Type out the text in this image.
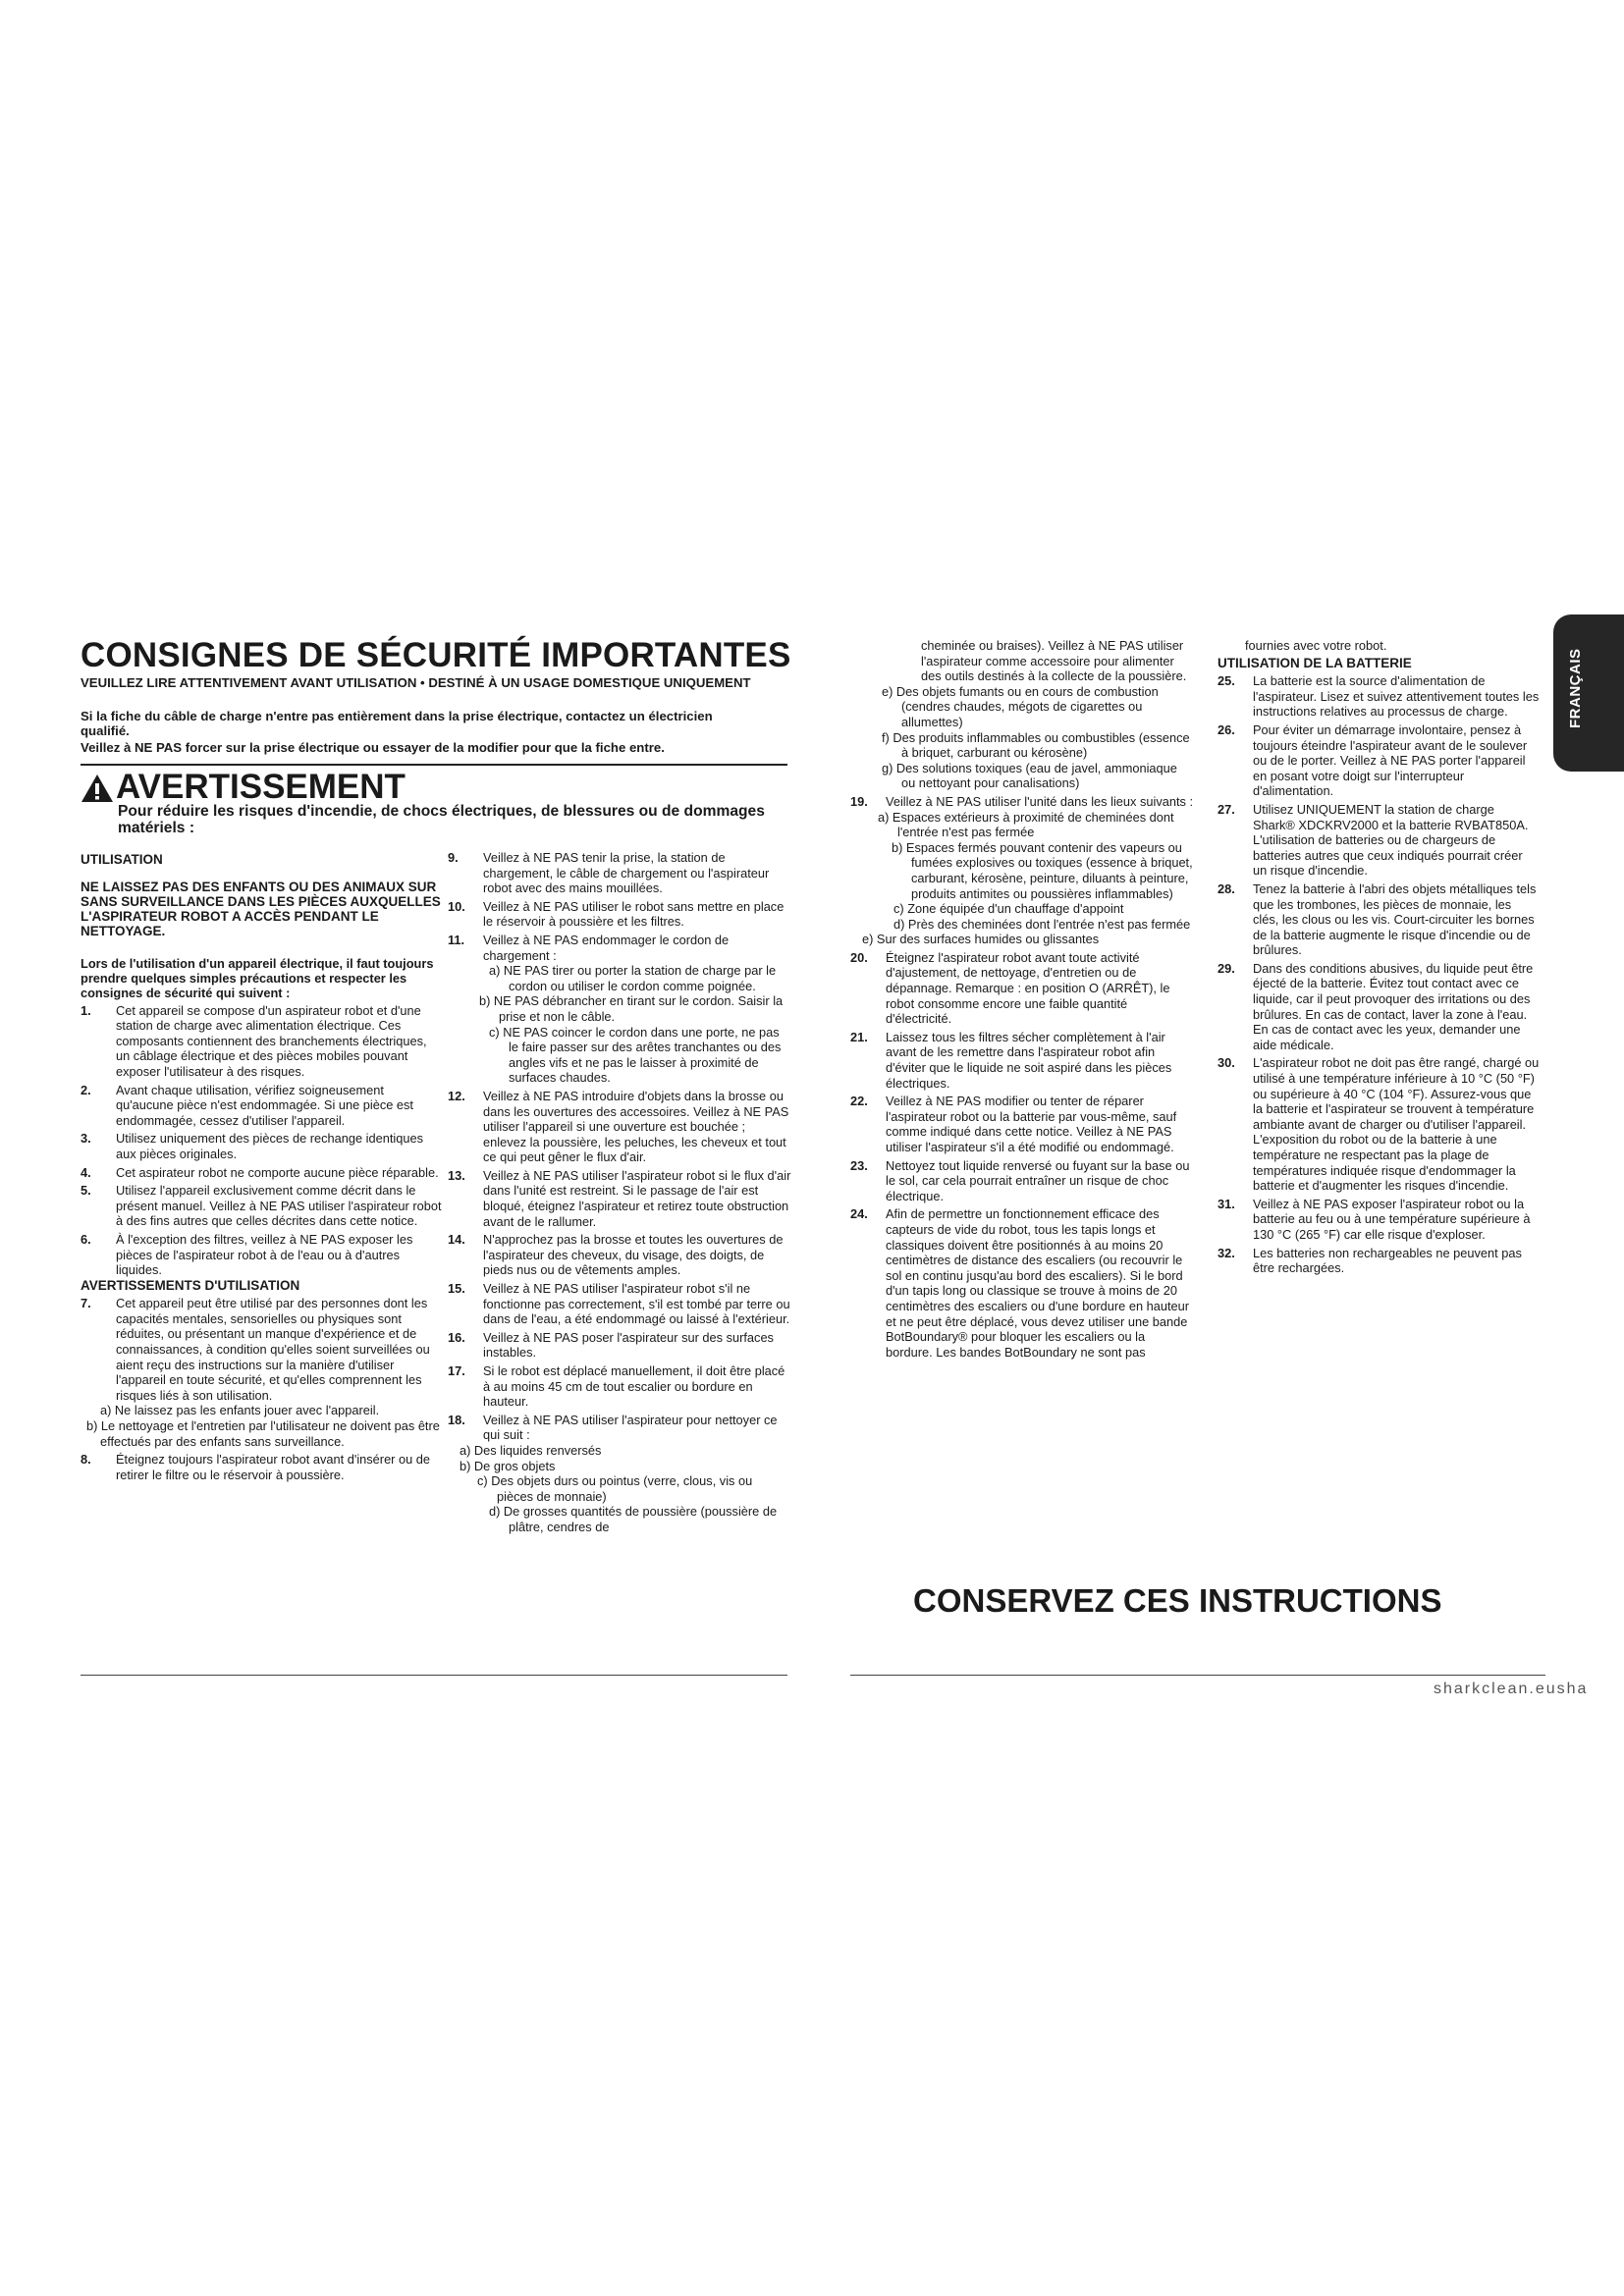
CONSIGNES DE SÉCURITÉ IMPORTANTES
VEUILLEZ LIRE ATTENTIVEMENT AVANT UTILISATION • DESTINÉ À UN USAGE DOMESTIQUE UNIQUEMENT
Si la fiche du câble de charge n'entre pas entièrement dans la prise électrique, contactez un électricien qualifié.
Veillez à NE PAS forcer sur la prise électrique ou essayer de la modifier pour que la fiche entre.
AVERTISSEMENT
Pour réduire les risques d'incendie, de chocs électriques, de blessures ou de dommages matériels :

UTILISATION

NE LAISSEZ PAS DES ENFANTS OU DES ANIMAUX SUR SANS SURVEILLANCE DANS LES PIÈCES AUXQUELLES L'ASPIRATEUR ROBOT A ACCÈS PENDANT LE NETTOYAGE.

Lors de l'utilisation d'un appareil électrique, il faut toujours prendre quelques simples précautions et respecter les consignes de sécurité qui suivent :

1.	Cet appareil se compose d'un aspirateur robot et d'une station de charge avec alimentation électrique. Ces composants contiennent des branchements électriques, un câblage électrique et des pièces mobiles pouvant exposer l'utilisateur à des risques.
2.	Avant chaque utilisation, vérifiez soigneusement qu'aucune pièce n'est endommagée. Si une pièce est endommagée, cessez d'utiliser l'appareil.
3.	Utilisez uniquement des pièces de rechange identiques aux pièces originales.
4.	Cet aspirateur robot ne comporte aucune pièce réparable.
5.	Utilisez l'appareil exclusivement comme décrit dans le présent manuel. Veillez à NE PAS utiliser l'aspirateur robot à des fins autres que celles décrites dans cette notice.
6.	À l'exception des filtres, veillez à NE PAS exposer les pièces de l'aspirateur robot à de l'eau ou à d'autres liquides.

AVERTISSEMENTS D'UTILISATION

7.	Cet appareil peut être utilisé par des personnes dont les capacités mentales, sensorielles ou physiques sont réduites, ou présentant un manque d'expérience et de connaissances, à condition qu'elles soient surveillées ou aient reçu des instructions sur la manière d'utiliser l'appareil en toute sécurité, et qu'elles comprennent les risques liés à son utilisation.

a) Ne laissez pas les enfants jouer avec l'appareil.

b) Le nettoyage et l'entretien par l'utilisateur ne doivent pas être effectués par des enfants sans surveillance.

8.	Éteignez toujours l'aspirateur robot avant d'insérer ou de retirer le filtre ou le réservoir à poussière.
9.	Veillez à NE PAS tenir la prise, la station de chargement, le câble de chargement ou l'aspirateur robot avec des mains mouillées.
10.	Veillez à NE PAS utiliser le robot sans mettre en place le réservoir à poussière et les filtres.
11.	Veillez à NE PAS endommager le cordon de chargement :

a) NE PAS tirer ou porter la station de charge par le cordon ou utiliser le cordon comme poignée.

b) NE PAS débrancher en tirant sur le cordon. Saisir la prise et non le câble.

c) NE PAS coincer le cordon dans une porte, ne pas le faire passer sur des arêtes tranchantes ou des angles vifs et ne pas le laisser à proximité de surfaces chaudes.

12.	Veillez à NE PAS introduire d'objets dans la brosse ou dans les ouvertures des accessoires. Veillez à NE PAS utiliser l'appareil si une ouverture est bouchée ; enlevez la poussière, les peluches, les cheveux et tout ce qui peut gêner le flux d'air.
13.	Veillez à NE PAS utiliser l'aspirateur robot si le flux d'air dans l'unité est restreint. Si le passage de l'air est bloqué, éteignez l'aspirateur et retirez toute obstruction avant de le rallumer.
14.	N'approchez pas la brosse et toutes les ouvertures de l'aspirateur des cheveux, du visage, des doigts, de pieds nus ou de vêtements amples.
15.	Veillez à NE PAS utiliser l'aspirateur robot s'il ne fonctionne pas correctement, s'il est tombé par terre ou dans de l'eau, a été endommagé ou laissé à l'extérieur.
16.	Veillez à NE PAS poser l'aspirateur sur des surfaces instables.
17.	Si le robot est déplacé manuellement, il doit être placé à au moins 45 cm de tout escalier ou bordure en hauteur.
18.	Veillez à NE PAS utiliser l'aspirateur pour nettoyer ce qui suit :

a) Des liquides renversés

b) De gros objets

c) Des objets durs ou pointus (verre, clous, vis ou pièces de monnaie)

d) De grosses quantités de poussière (poussière de plâtre, cendres de

cheminée ou braises). Veillez à NE PAS utiliser l'aspirateur comme accessoire pour alimenter des outils destinés à la collecte de la poussière.

e) Des objets fumants ou en cours de combustion (cendres chaudes, mégots de cigarettes ou allumettes)

f) Des produits inflammables ou combustibles (essence à briquet, carburant ou kérosène)

g) Des solutions toxiques (eau de javel, ammoniaque ou nettoyant pour canalisations)

19.	Veillez à NE PAS utiliser l'unité dans les lieux suivants :

a) Espaces extérieurs à proximité de cheminées dont l'entrée n'est pas fermée

b) Espaces fermés pouvant contenir des vapeurs ou fumées explosives ou toxiques (essence à briquet, carburant, kérosène, peinture, diluants à peinture, produits antimites ou poussières inflammables)

c) Zone équipée d'un chauffage d'appoint

d) Près des cheminées dont l'entrée n'est pas fermée

e) Sur des surfaces humides ou glissantes

20.	Éteignez l'aspirateur robot avant toute activité d'ajustement, de nettoyage, d'entretien ou de dépannage. Remarque : en position O (ARRÊT), le robot consomme encore une faible quantité d'électricité.
21.	Laissez tous les filtres sécher complètement à l'air avant de les remettre dans l'aspirateur robot afin d'éviter que le liquide ne soit aspiré dans les pièces électriques.
22.	Veillez à NE PAS modifier ou tenter de réparer l'aspirateur robot ou la batterie par vous-même, sauf comme indiqué dans cette notice. Veillez à NE PAS utiliser l'aspirateur s'il a été modifié ou endommagé.
23.	Nettoyez tout liquide renversé ou fuyant sur la base ou le sol, car cela pourrait entraîner un risque de choc électrique.
24.	Afin de permettre un fonctionnement efficace des capteurs de vide du robot, tous les tapis longs et classiques doivent être positionnés à au moins 20 centimètres de distance des escaliers (ou recouvrir le sol en continu jusqu'au bord des escaliers). Si le bord d'un tapis long ou classique se trouve à moins de 20 centimètres des escaliers ou d'une bordure en hauteur et ne peut être déplacé, vous devez utiliser une bande BotBoundary® pour bloquer les escaliers ou la bordure. Les bandes BotBoundary ne sont pas

fournies avec votre robot.

UTILISATION DE LA BATTERIE

25.	La batterie est la source d'alimentation de l'aspirateur. Lisez et suivez attentivement toutes les instructions relatives au processus de charge.
26.	Pour éviter un démarrage involontaire, pensez à toujours éteindre l'aspirateur avant de le soulever ou de le porter. Veillez à NE PAS porter l'appareil en posant votre doigt sur l'interrupteur d'alimentation.
27.	Utilisez UNIQUEMENT la station de charge Shark® XDCKRV2000 et la batterie RVBAT850A. L'utilisation de batteries ou de chargeurs de batteries autres que ceux indiqués pourrait créer un risque d'incendie.
28.	Tenez la batterie à l'abri des objets métalliques tels que les trombones, les pièces de monnaie, les clés, les clous ou les vis. Court-circuiter les bornes de la batterie augmente le risque d'incendie ou de brûlures.
29.	Dans des conditions abusives, du liquide peut être éjecté de la batterie. Évitez tout contact avec ce liquide, car il peut provoquer des irritations ou des brûlures. En cas de contact, laver la zone à l'eau. En cas de contact avec les yeux, demander une aide médicale.
30.	L'aspirateur robot ne doit pas être rangé, chargé ou utilisé à une température inférieure à 10 °C (50 °F) ou supérieure à 40 °C (104 °F). Assurez-vous que la batterie et l'aspirateur se trouvent à température ambiante avant de charger ou d'utiliser l'appareil. L'exposition du robot ou de la batterie à une température ne respectant pas la plage de températures indiquée risque d'endommager la batterie et d'augmenter les risques d'incendie.
31.	Veillez à NE PAS exposer l'aspirateur robot ou la batterie au feu ou à une température supérieure à 130 °C (265 °F) car elle risque d'exploser.
32.	Les batteries non rechargeables ne peuvent pas être rechargées.
FRANÇAIS
CONSERVEZ CES INSTRUCTIONS
sharkclean.eusha
